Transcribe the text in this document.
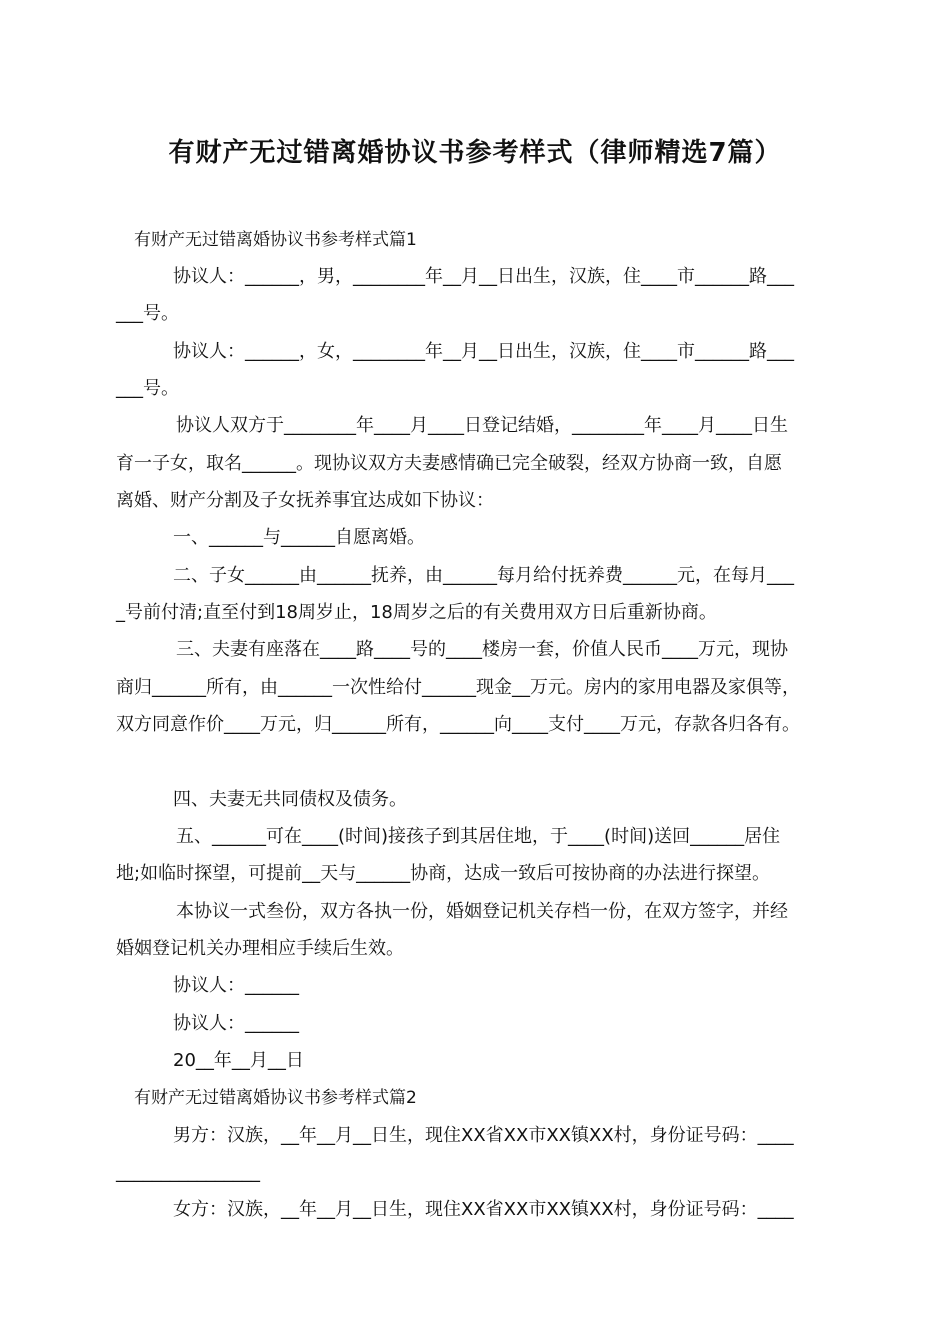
有财产无过错离婚协议书参考样式（律师精选7篇）

有财产无过错离婚协议书参考样式篇1

协议人：______，男，________年__月__日出生，汉族，住____市______路___

___号。

协议人：______，女，________年__月__日出生，汉族，住____市______路___

___号。

协议人双方于________年____月____日登记结婚，________年____月____日生

育一子女，取名______。现协议双方夫妻感情确已完全破裂，经双方协商一致，自愿

离婚、财产分割及子女抚养事宜达成如下协议：

一、______与______自愿离婚。

二、子女______由______抚养，由______每月给付抚养费______元，在每月___

_号前付清;直至付到18周岁止，18周岁之后的有关费用双方日后重新协商。

三、夫妻有座落在____路____号的____楼房一套，价值人民币____万元，现协

商归______所有，由______一次性给付______现金__万元。房内的家用电器及家俱等，

双方同意作价____万元，归______所有，______向____支付____万元，存款各归各有。

四、夫妻无共同债权及债务。

五、______可在____(时间)接孩子到其居住地，于____(时间)送回______居住

地;如临时探望，可提前__天与______协商，达成一致后可按协商的办法进行探望。

本协议一式叁份，双方各执一份，婚姻登记机关存档一份，在双方签字，并经

婚姻登记机关办理相应手续后生效。

协议人：______

协议人：______

20__年__月__日

有财产无过错离婚协议书参考样式篇2

男方：汉族，__年__月__日生，现住XX省XX市XX镇XX村，身份证号码：____

________________

女方：汉族，__年__月__日生，现住XX省XX市XX镇XX村，身份证号码：____
